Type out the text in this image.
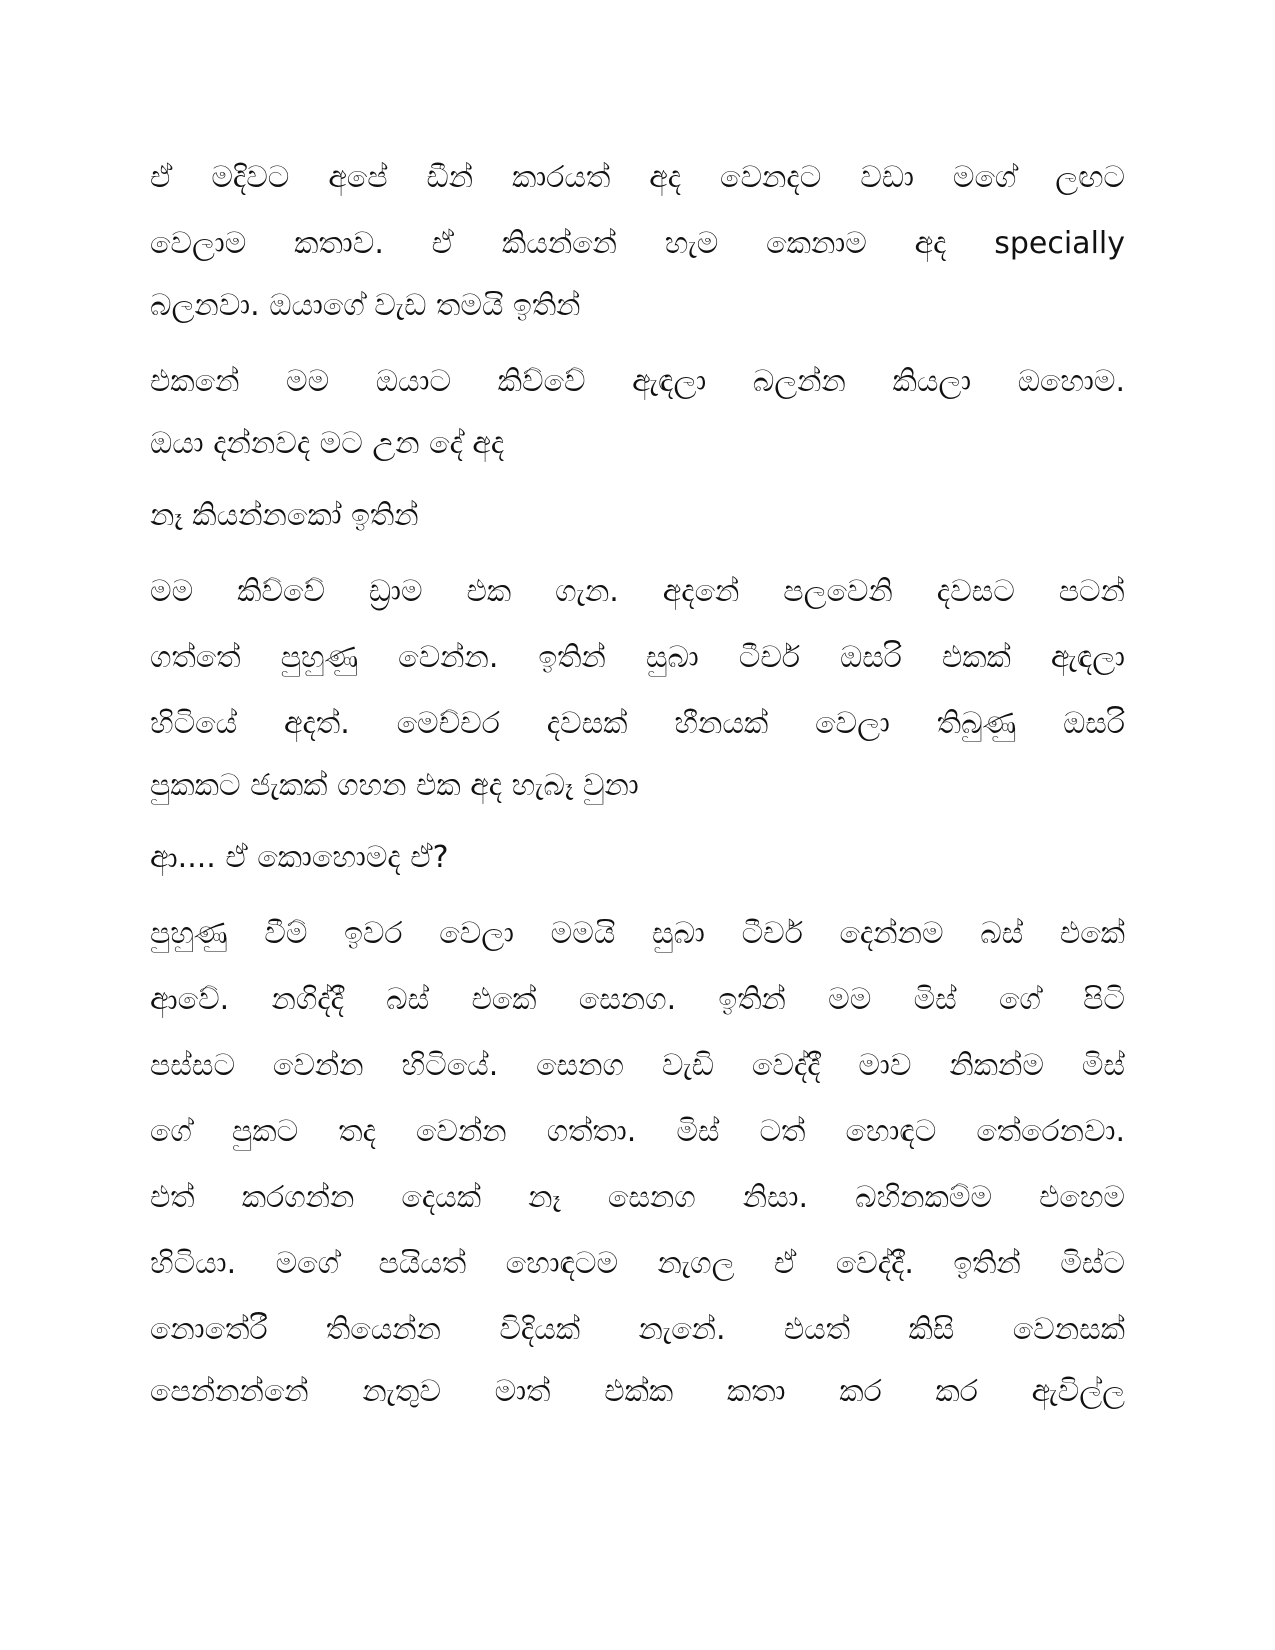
ඒ මදිවට අපේ ඩීන් කාරයත් අද වෙනදට වඩා මගේ ලඟට
වෙලාම කතාව. ඒ කියන්නේ හැම කෙනාම අද specially
බලනවා. ඔයාගේ වැඩ තමයි ඉතින්
එකනේ මම ඔයාට කිව්වේ ඇඳලා බලන්න කියලා ඔහොම.
ඔයා දන්නවද මට උන දේ අද
නෑ කියන්නකෝ ඉතින්
මම කිව්වේ ඩ්‍රාම එක ගැන. අදනේ පලවෙනි දවසට පටන්
ගත්තේ පුහුණු වෙන්න. ඉතින් සුබා ටීචර් ඔසරි එකක් ඇඳලා
හිටියේ අදත්. මෙච්චර දවසක් හීනයක් වෙලා තිබුණු ඔසරි
පුකකට ජැකක් ගහන එක අද හැබෑ වුනා
ආ.... ඒ කොහොමද ඒ?
පුහුණු වීම් ඉවර වෙලා මමයි සුබා ටීචර් දෙන්නම බස් එකේ
ආවේ. නගිද්දී බස් එකේ සෙනග. ඉතින් මම මිස් ගේ පිටි
පස්සට වෙන්න හිටියේ. සෙනග වැඩි වෙද්දී මාව නිකන්ම මිස්
ගේ පුකට තද වෙන්න ගත්තා. මිස් ටත් හොඳට තේරෙනවා.
එත් කරගන්න දෙයක් නෑ සෙනග නිසා. බහිනකම්ම එහෙම
හිටියා. මගේ පයියත් හොඳටම නැගල ඒ වෙද්දී. ඉතින් මිස්ට
නොතේරී තියෙන්න විදියක් නැනේ. එයත් කිසි වෙනසක්
පෙන්නන්නේ නැතුව මාත් එක්ක කතා කර කර ඇවිල්ල
